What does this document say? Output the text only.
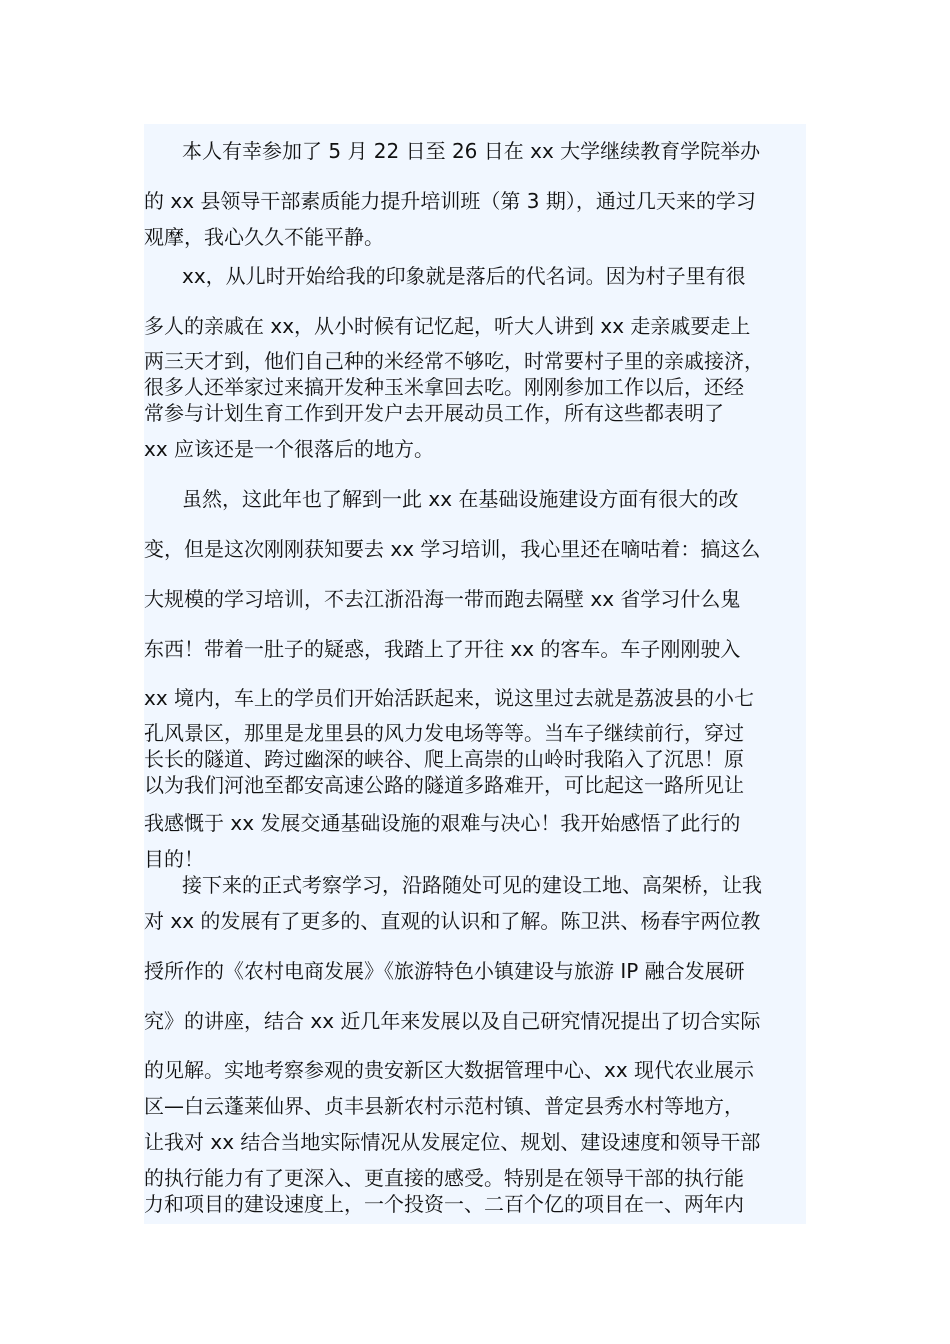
本人有幸参加了 5 月 22 日至 26 日在 xx 大学继续教育学院举办
的 xx 县领导干部素质能力提升培训班（第 3 期），通过几天来的学习
观摩，我心久久不能平静。
xx，从儿时开始给我的印象就是落后的代名词。因为村子里有很
多人的亲戚在 xx，从小时候有记忆起，听大人讲到 xx 走亲戚要走上
两三天才到，他们自己种的米经常不够吃，时常要村子里的亲戚接济，
很多人还举家过来搞开发种玉米拿回去吃。刚刚参加工作以后，还经
常参与计划生育工作到开发户去开展动员工作，所有这些都表明了
xx 应该还是一个很落后的地方。
虽然，这此年也了解到一此 xx 在基础设施建设方面有很大的改
变，但是这次刚刚获知要去 xx 学习培训，我心里还在嘀咕着：搞这么
大规模的学习培训，不去江浙沿海一带而跑去隔壁 xx 省学习什么鬼
东西！带着一肚子的疑惑，我踏上了开往 xx 的客车。车子刚刚驶入
xx 境内，车上的学员们开始活跃起来，说这里过去就是荔波县的小七
孔风景区，那里是龙里县的风力发电场等等。当车子继续前行，穿过
长长的隧道、跨过幽深的峡谷、爬上高崇的山岭时我陷入了沉思！原
以为我们河池至都安高速公路的隧道多路难开，可比起这一路所见让
我感慨于 xx 发展交通基础设施的艰难与决心！我开始感悟了此行的
目的！
接下来的正式考察学习，沿路随处可见的建设工地、高架桥，让我
对 xx 的发展有了更多的、直观的认识和了解。陈卫洪、杨春宇两位教
授所作的《农村电商发展》《旅游特色小镇建设与旅游 IP 融合发展研
究》的讲座，结合 xx 近几年来发展以及自己研究情况提出了切合实际
的见解。实地考察参观的贵安新区大数据管理中心、xx 现代农业展示
区—白云蓬莱仙界、贞丰县新农村示范村镇、普定县秀水村等地方，
让我对 xx 结合当地实际情况从发展定位、规划、建设速度和领导干部
的执行能力有了更深入、更直接的感受。特别是在领导干部的执行能
力和项目的建设速度上，一个投资一、二百个亿的项目在一、两年内
